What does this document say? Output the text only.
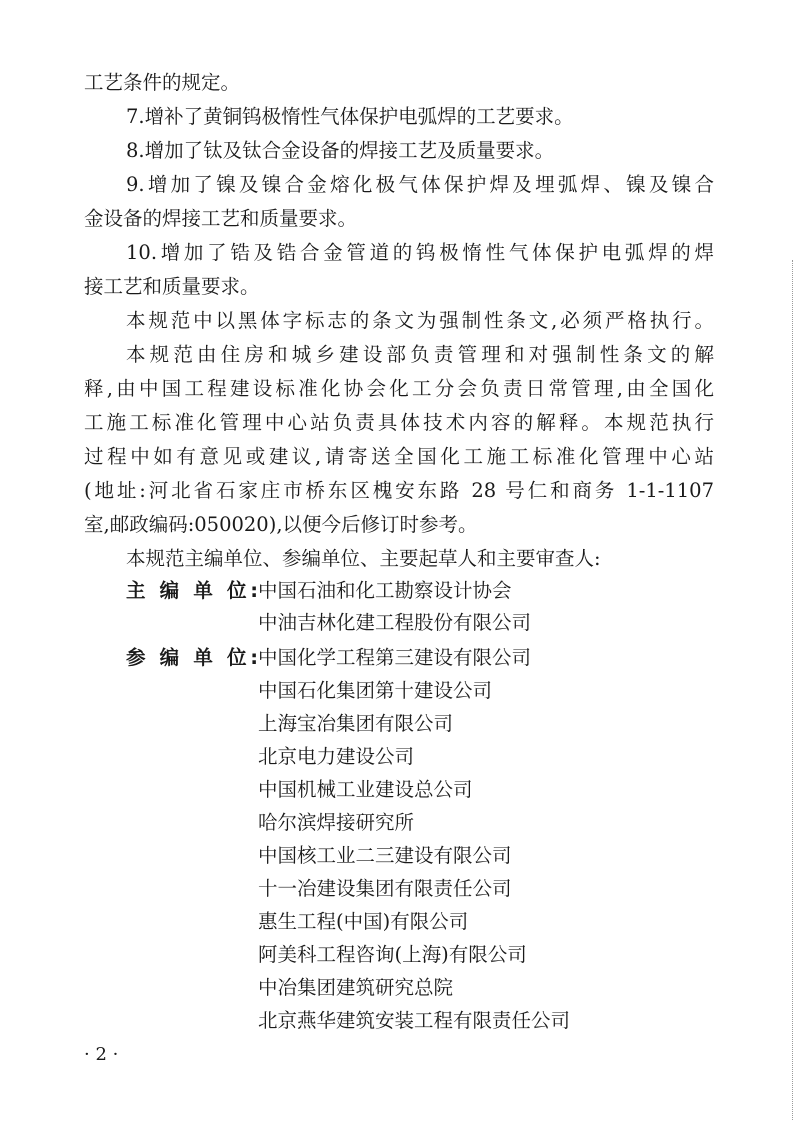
工艺条件的规定。
7.增补了黄铜钨极惰性气体保护电弧焊的工艺要求。
8.增加了钛及钛合金设备的焊接工艺及质量要求。
9.增加了镍及镍合金熔化极气体保护焊及埋弧焊、镍及镍合
金设备的焊接工艺和质量要求。
10.增加了锆及锆合金管道的钨极惰性气体保护电弧焊的焊
接工艺和质量要求。
本规范中以黑体字标志的条文为强制性条文,必须严格执行。
本规范由住房和城乡建设部负责管理和对强制性条文的解
释,由中国工程建设标准化协会化工分会负责日常管理,由全国化
工施工标准化管理中心站负责具体技术内容的解释。本规范执行
过程中如有意见或建议,请寄送全国化工施工标准化管理中心站
(地址:河北省石家庄市桥东区槐安东路 28 号仁和商务 1-1-1107
室,邮政编码:050020),以便今后修订时参考。
本规范主编单位、参编单位、主要起草人和主要审查人:
主 编 单 位: 中国石油和化工勘察设计协会
中油吉林化建工程股份有限公司
参 编 单 位: 中国化学工程第三建设有限公司
中国石化集团第十建设公司
上海宝冶集团有限公司
北京电力建设公司
中国机械工业建设总公司
哈尔滨焊接研究所
中国核工业二三建设有限公司
十一冶建设集团有限责任公司
惠生工程(中国)有限公司
阿美科工程咨询(上海)有限公司
中冶集团建筑研究总院
北京燕华建筑安装工程有限责任公司
· 2 ·
